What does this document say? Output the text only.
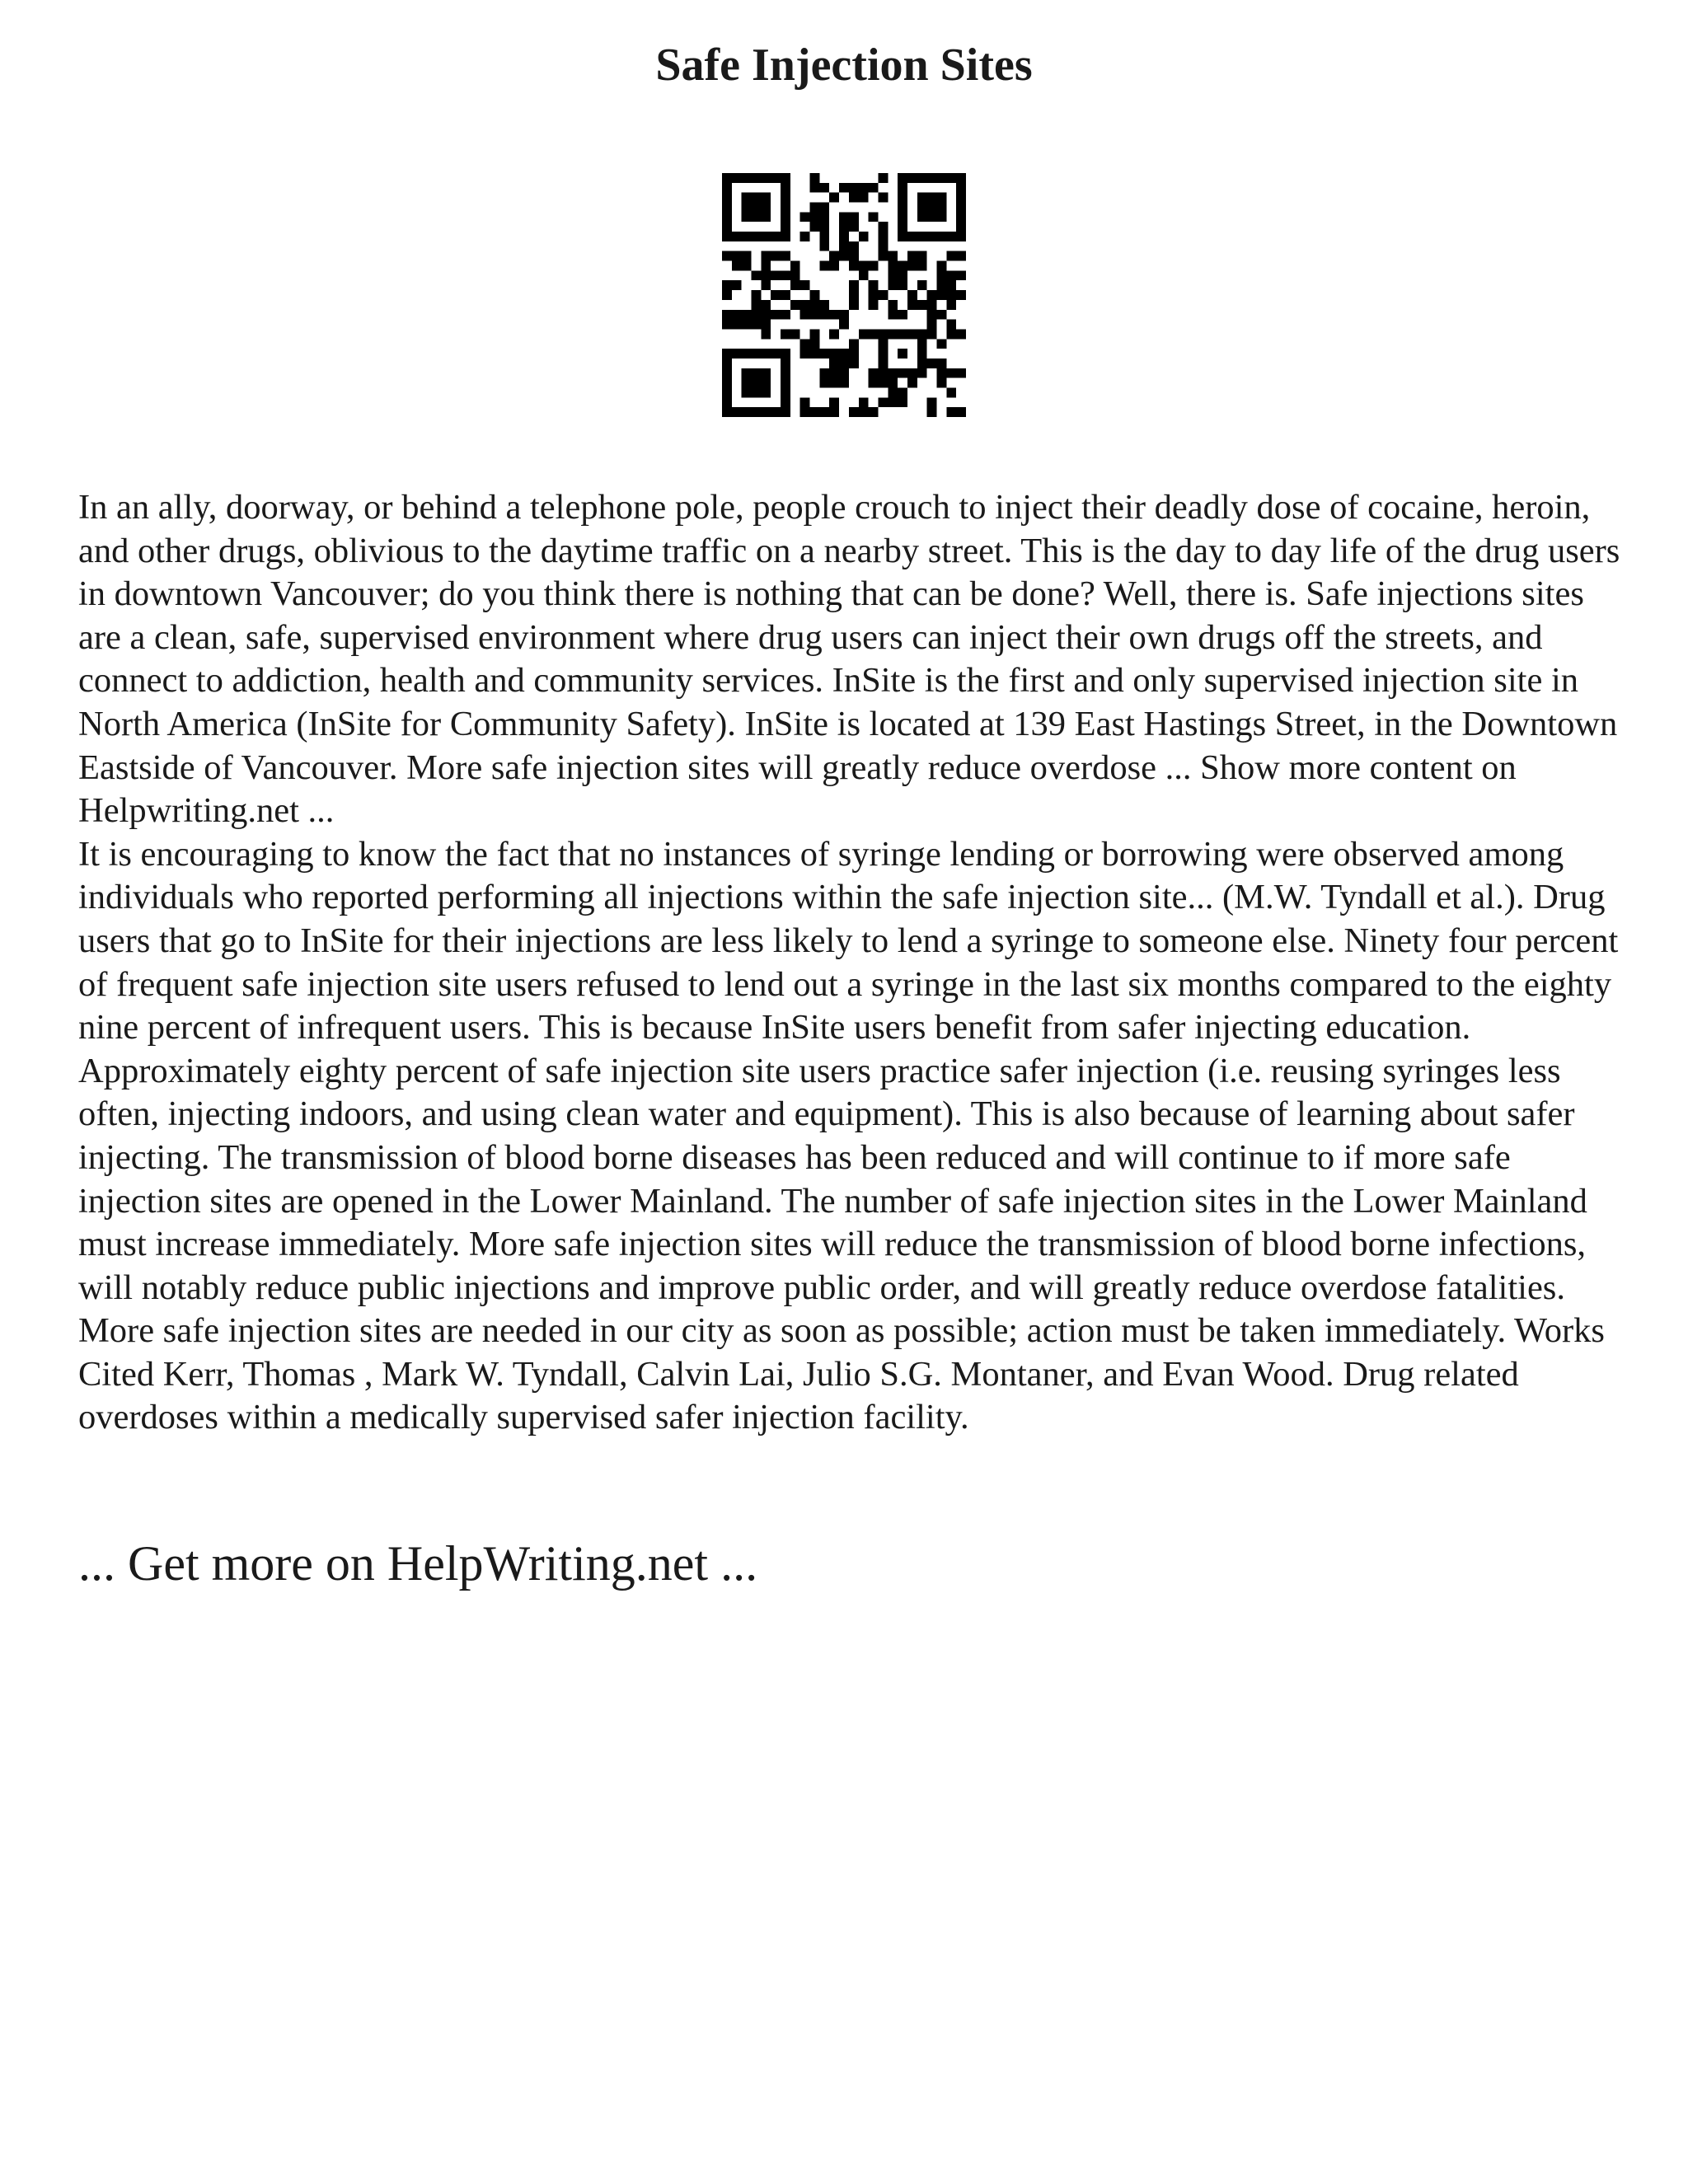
Safe Injection Sites

In an ally, doorway, or behind a telephone pole, people crouch to inject their deadly dose of cocaine, heroin, and other drugs, oblivious to the daytime traffic on a nearby street. This is the day to day life of the drug users in downtown Vancouver; do you think there is nothing that can be done? Well, there is. Safe injections sites are a clean, safe, supervised environment where drug users can inject their own drugs off the streets, and connect to addiction, health and community services. InSite is the first and only supervised injection site in North America (InSite for Community Safety). InSite is located at 139 East Hastings Street, in the Downtown Eastside of Vancouver. More safe injection sites will greatly reduce overdose ... Show more content on Helpwriting.net ...

It is encouraging to know the fact that no instances of syringe lending or borrowing were observed among individuals who reported performing all injections within the safe injection site... (M.W. Tyndall et al.). Drug users that go to InSite for their injections are less likely to lend a syringe to someone else. Ninety four percent of frequent safe injection site users refused to lend out a syringe in the last six months compared to the eighty nine percent of infrequent users. This is because InSite users benefit from safer injecting education. Approximately eighty percent of safe injection site users practice safer injection (i.e. reusing syringes less often, injecting indoors, and using clean water and equipment). This is also because of learning about safer injecting. The transmission of blood borne diseases has been reduced and will continue to if more safe injection sites are opened in the Lower Mainland. The number of safe injection sites in the Lower Mainland must increase immediately. More safe injection sites will reduce the transmission of blood borne infections, will notably reduce public injections and improve public order, and will greatly reduce overdose fatalities. More safe injection sites are needed in our city as soon as possible; action must be taken immediately. Works Cited Kerr, Thomas , Mark W. Tyndall, Calvin Lai, Julio S.G. Montaner, and Evan Wood. Drug related overdoses within a medically supervised safer injection facility.

... Get more on HelpWriting.net ...
